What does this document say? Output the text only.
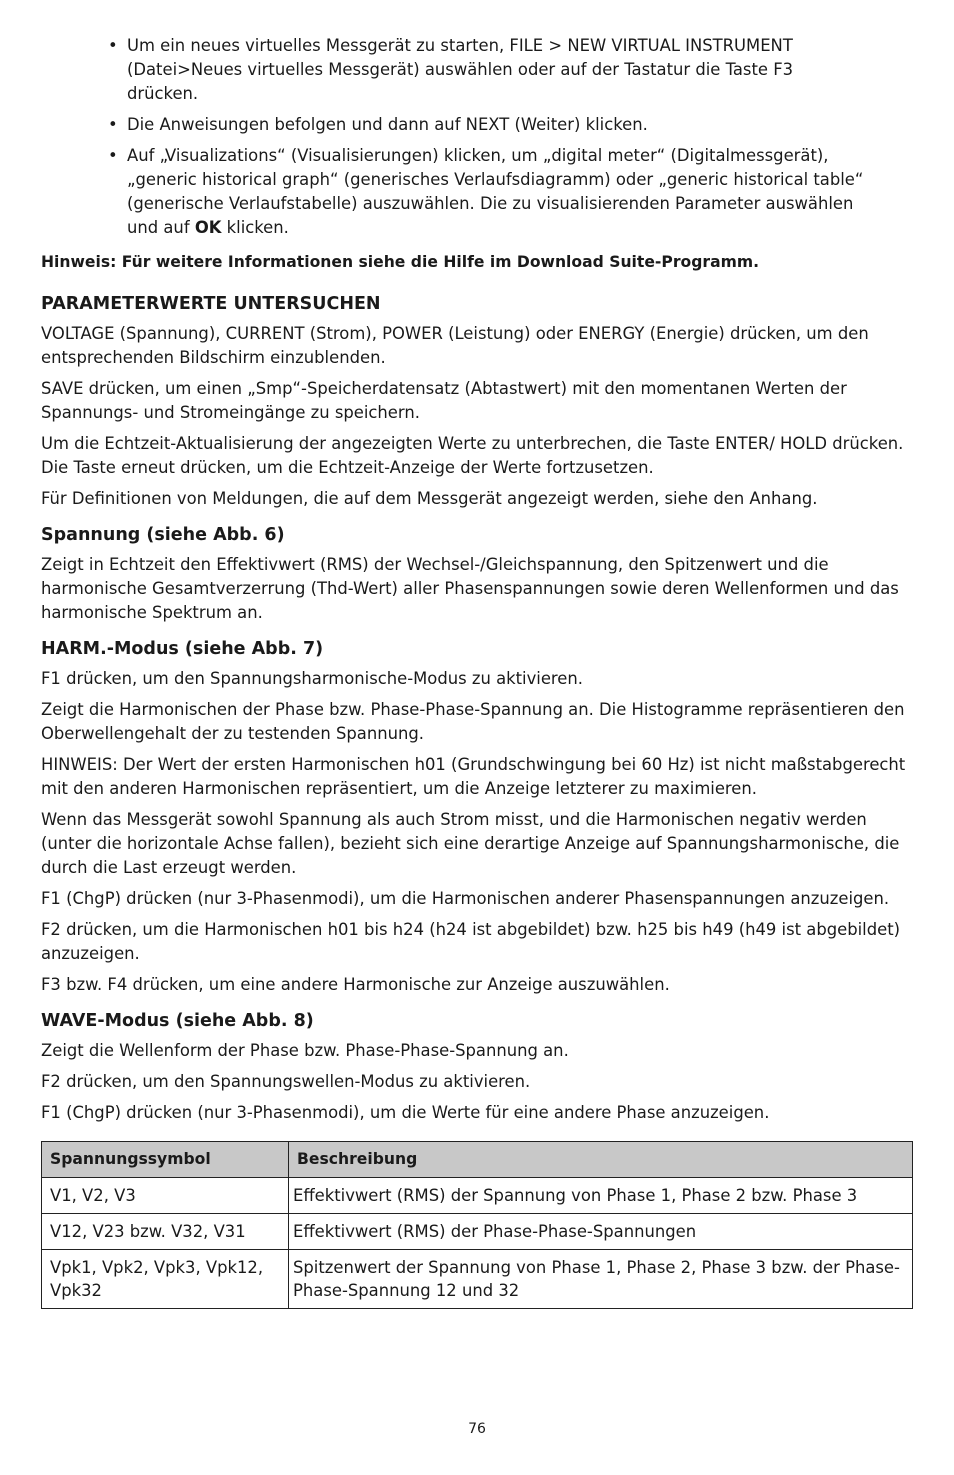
• Um ein neues virtuelles Messgerät zu starten, FILE > NEW VIRTUAL INSTRUMENT (Datei>Neues virtuelles Messgerät) auswählen oder auf der Tastatur die Taste F3 drücken.
• Die Anweisungen befolgen und dann auf NEXT (Weiter) klicken.
• Auf „Visualizations“ (Visualisierungen) klicken, um „digital meter“ (Digitalmessgerät), „generic historical graph“ (generisches Verlaufsdiagramm) oder „generic historical table“ (generische Verlaufstabelle) auszuwählen. Die zu visualisierenden Parameter auswählen und auf OK klicken.

Hinweis: Für weitere Informationen siehe die Hilfe im Download Suite-Programm.

PARAMETERWERTE UNTERSUCHEN

VOLTAGE (Spannung), CURRENT (Strom), POWER (Leistung) oder ENERGY (Energie) drücken, um den entsprechenden Bildschirm einzublenden.

SAVE drücken, um einen „Smp“-Speicherdatensatz (Abtastwert) mit den momentanen Werten der Spannungs- und Stromeingänge zu speichern.

Um die Echtzeit-Aktualisierung der angezeigten Werte zu unterbrechen, die Taste ENTER/ HOLD drücken. Die Taste erneut drücken, um die Echtzeit-Anzeige der Werte fortzusetzen.

Für Definitionen von Meldungen, die auf dem Messgerät angezeigt werden, siehe den Anhang.

Spannung (siehe Abb. 6)

Zeigt in Echtzeit den Effektivwert (RMS) der Wechsel-/Gleichspannung, den Spitzenwert und die harmonische Gesamtverzerrung (Thd-Wert) aller Phasenspannungen sowie deren Wellenformen und das harmonische Spektrum an.

HARM.-Modus (siehe Abb. 7)

F1 drücken, um den Spannungsharmonische-Modus zu aktivieren.

Zeigt die Harmonischen der Phase bzw. Phase-Phase-Spannung an. Die Histogramme repräsentieren den Oberwellengehalt der zu testenden Spannung.

HINWEIS: Der Wert der ersten Harmonischen h01 (Grundschwingung bei 60 Hz) ist nicht maßstabgerecht mit den anderen Harmonischen repräsentiert, um die Anzeige letzterer zu maximieren.

Wenn das Messgerät sowohl Spannung als auch Strom misst, und die Harmonischen negativ werden (unter die horizontale Achse fallen), bezieht sich eine derartige Anzeige auf Spannungsharmonische, die durch die Last erzeugt werden.

F1 (ChgP) drücken (nur 3-Phasenmodi), um die Harmonischen anderer Phasenspannungen anzuzeigen.

F2 drücken, um die Harmonischen h01 bis h24 (h24 ist abgebildet) bzw. h25 bis h49 (h49 ist abgebildet) anzuzeigen.

F3 bzw. F4 drücken, um eine andere Harmonische zur Anzeige auszuwählen.

WAVE-Modus (siehe Abb. 8)

Zeigt die Wellenform der Phase bzw. Phase-Phase-Spannung an.

F2 drücken, um den Spannungswellen-Modus zu aktivieren.

F1 (ChgP) drücken (nur 3-Phasenmodi), um die Werte für eine andere Phase anzuzeigen.

Spannungssymbol	Beschreibung
V1, V2, V3	Effektivwert (RMS) der Spannung von Phase 1, Phase 2 bzw. Phase 3
V12, V23 bzw. V32, V31	Effektivwert (RMS) der Phase-Phase-Spannungen
Vpk1, Vpk2, Vpk3, Vpk12, Vpk32	Spitzenwert der Spannung von Phase 1, Phase 2, Phase 3 bzw. der Phase-Phase-Spannung 12 und 32
76
